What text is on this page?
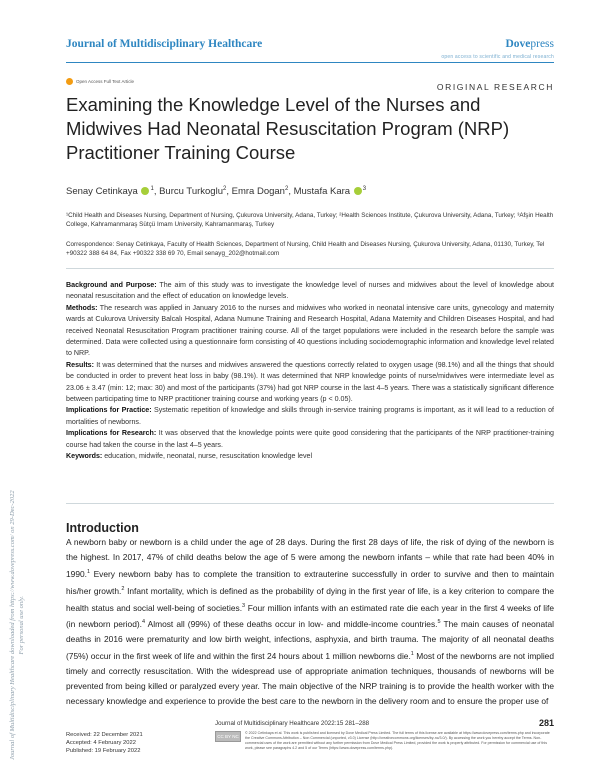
Journal of Multidisciplinary Healthcare	Dovepress
open access to scientific and medical research
Open Access Full Text Article
ORIGINAL RESEARCH
Examining the Knowledge Level of the Nurses and Midwives Had Neonatal Resuscitation Program (NRP) Practitioner Training Course
Senay Cetinkaya $^1$, Burcu Turkoglu$^2$, Emra Dogan$^2$, Mustafa Kara $^3$
¹Child Health and Diseases Nursing, Department of Nursing, Çukurova University, Adana, Turkey; ²Health Sciences Institute, Çukurova University, Adana, Turkey; ³Afşin Health College, Kahramanmaraş Sütçü Imam University, Kahramanmaraş, Turkey
Correspondence: Senay Cetinkaya, Faculty of Health Sciences, Department of Nursing, Child Health and Diseases Nursing, Çukurova University, Adana, 01130, Turkey, Tel +90322 388 64 84, Fax +90322 338 69 70, Email senayg_202@hotmail.com

Background and Purpose: The aim of this study was to investigate the knowledge level of nurses and midwives about the level of knowledge about neonatal resuscitation and the effect of education on knowledge levels.

Methods: The research was applied in January 2016 to the nurses and midwives who worked in neonatal intensive care units, gynecology and maternity wards at Cukurova University Balcalı Hospital, Adana Numune Training and Research Hospital, Adana Maternity and Children Diseases Hospital, and had received Neonatal Resuscitation Program practitioner training course. All of the target populations were included in the research before the sample was determined. Data were collected using a questionnaire form consisting of 40 questions including sociodemographic information and knowledge level related to NRP.

Results: It was determined that the nurses and midwives answered the questions correctly related to oxygen usage (98.1%) and all the things that should be conducted in order to prevent heat loss in baby (98.1%). It was determined that NRP knowledge points of nurse/midwives were intermediate level as 23.06 ± 3.47 (min: 12; max: 30) and most of the participants (37%) had got NRP course in the last 4–5 years. There was a statistically significant difference between participating time to NRP practitioner training course and working years (p < 0.05).

Implications for Practice: Systematic repetition of knowledge and skills through in-service training programs is important, as it will lead to a reduction of mortalities of newborns.

Implications for Research: It was observed that the knowledge points were quite good considering that the participants of the NRP practitioner-training course had taken the course in the last 4–5 years.

Keywords: education, midwife, neonatal, nurse, resuscitation knowledge level

Introduction

A newborn baby or newborn is a child under the age of 28 days. During the first 28 days of life, the risk of dying of the newborn is the highest. In 2017, 47% of child deaths below the age of 5 were among the newborn infants – while that rate had been 40% in 1990.$^1$ Every newborn baby has to complete the transition to extrauterine successfully in order to survive and then to maintain his/her growth.$^2$ Infant mortality, which is defined as the probability of dying in the first year of life, is a key criterion to compare the health status and social well-being of societies.$^3$ Four million infants with an estimated rate die each year in the first 4 weeks of life (in newborn period).$^4$ Almost all (99%) of these deaths occur in low- and middle-income countries.$^5$ The main causes of neonatal deaths in 2016 were prematurity and low birth weight, infections, asphyxia, and birth trauma. The majority of all neonatal deaths (75%) occur in the first week of life and within the first 24 hours about 1 million newborns die.$^1$ Most of the newborns are not implied timely and correctly resuscitation. With the widespread use of appropriate animation techniques, thousands of newborns will be prevented from being killed or paralyzed every year. The main objective of the NRP training is to provide the health worker with the necessary knowledge and experience to provide the best care to the newborn in the delivery room and to ensure the proper use of

Journal of Multidisciplinary Healthcare downloaded from https://www.dovepress.com/ on 29-Dec-2022 For personal use only.
Received: 22 December 2021
Accepted: 4 February 2022
Published: 19 February 2022
Journal of Multidisciplinary Healthcare 2022:15 281–288	281
CC BY NC
© 2022 Cetinkaya et al. This work is published and licensed by Dove Medical Press Limited. The full terms of this license are available at https://www.dovepress.com/terms.php and incorporate the Creative Commons Attribution – Non Commercial (unported, v3.0) License (http://creativecommons.org/licenses/by-nc/3.0/). By accessing the work you hereby accept the Terms. Non-commercial uses of the work are permitted without any further permission from Dove Medical Press Limited, provided the work is properly attributed. For permission for commercial use of this work, please see paragraphs 4.2 and 5 of our Terms (https://www.dovepress.com/terms.php).
